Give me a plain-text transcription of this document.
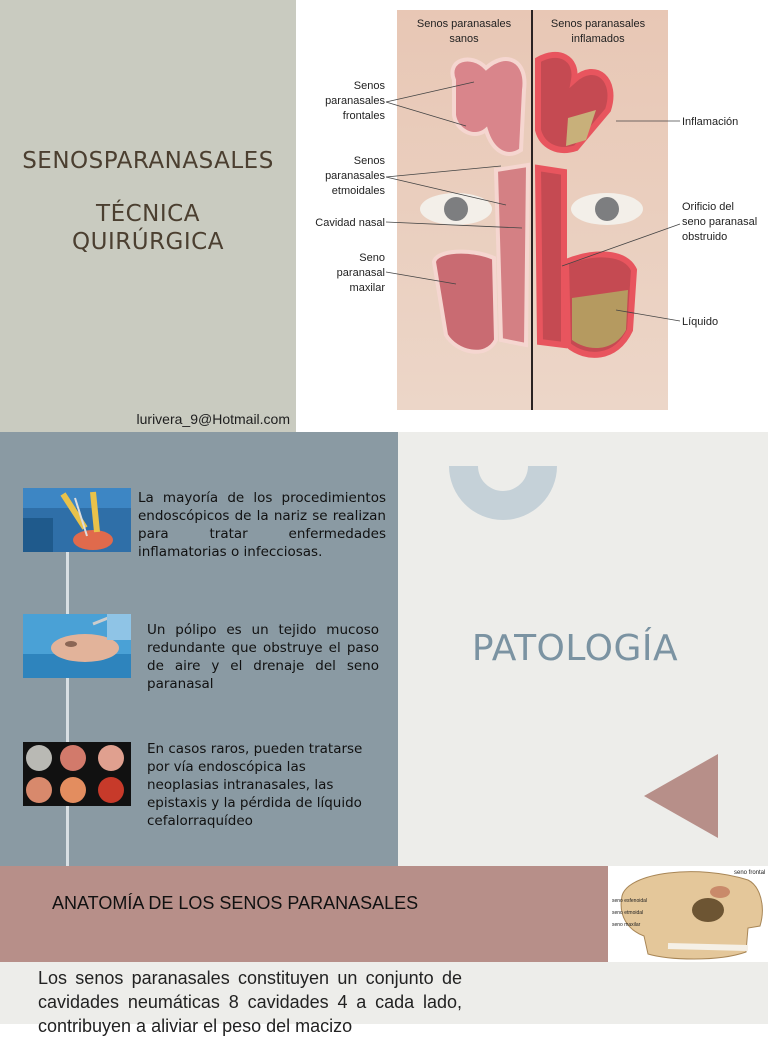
SENOSPARANASALES
TÉCNICA
QUIRÚRGICA
lurivera_9@Hotmail.com
Senos paranasales
sanos
Senos paranasales
inflamados
Senos
paranasales
frontales
Senos
paranasales
etmoidales
Cavidad nasal
Seno
paranasal
maxilar
Inflamación
Orificio del
seno paranasal
obstruido
Líquido
La mayoría de los procedimientos endoscópicos de la nariz se realizan para tratar enfermedades inflamatorias o infecciosas.
Un pólipo es un tejido mucoso redundante que obstruye el paso de aire y el drenaje del seno paranasal
En casos raros, pueden tratarse por vía endoscópica las neoplasias intranasales, las epistaxis y la pérdida de líquido cefalorraquídeo
PATOLOGÍA
ANATOMÍA DE LOS SENOS PARANASALES
seno frontal
seno esfenoidal
seno etmoidal
seno maxilar
Los senos paranasales constituyen un conjunto de cavidades neumáticas 8 cavidades 4 a cada lado, contribuyen a aliviar el peso del macizo
